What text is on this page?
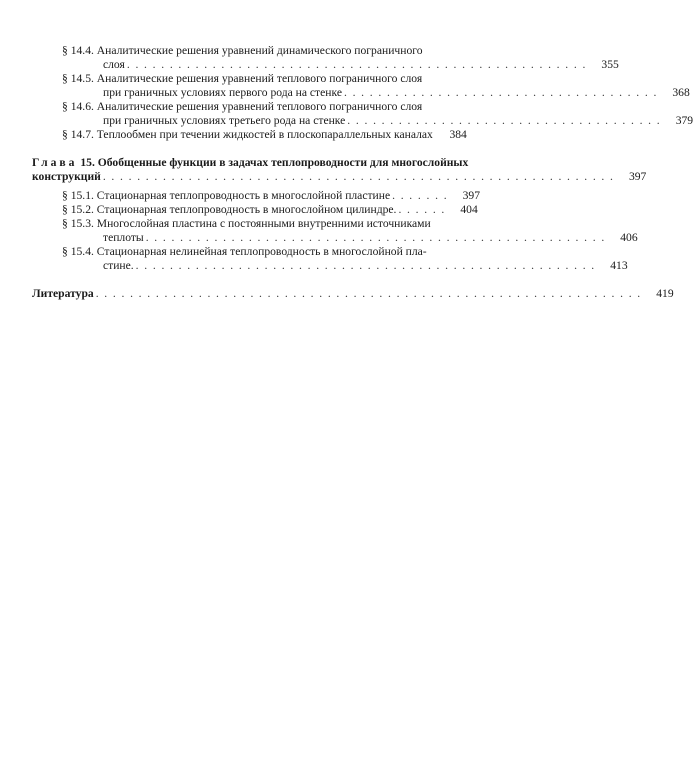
§ 14.4. Аналитические решения уравнений динамического пограничного
слоя . . . . . . . . . . . . . . . . . . . . . . . . . . . . . . . . . . . . . . . . . . . . . . . . . . . . . .	355
§ 14.5. Аналитические решения уравнений теплового пограничного слоя
при граничных условиях первого рода на стенке . . . . . . . . . . . . . . . . . . . . . . . . . . . . . . . . . . . . .	368
§ 14.6. Аналитические решения уравнений теплового пограничного слоя
при граничных условиях третьего рода на стенке . . . . . . . . . . . . . . . . . . . . . . . . . . . . . . . . . . . . .	379
§ 14.7. Теплообмен при течении жидкостей в плоскопараллельных каналах	384
Глава 15. Обобщенные функции в задачах теплопроводности для многослойных
конструкций . . . . . . . . . . . . . . . . . . . . . . . . . . . . . . . . . . . . . . . . . . . . . . . . . . . . . . . . . . . .	397
§ 15.1. Стационарная теплопроводность в многослойной пластине . . . . . . .	397
§ 15.2. Стационарная теплопроводность в многослойном цилиндре. . . . . . .	404
§ 15.3. Многослойная пластина с постоянными внутренними источниками
теплоты . . . . . . . . . . . . . . . . . . . . . . . . . . . . . . . . . . . . . . . . . . . . . . . . . . . . . .	406
§ 15.4. Стационарная нелинейная теплопроводность в многослойной пла-
стине. . . . . . . . . . . . . . . . . . . . . . . . . . . . . . . . . . . . . . . . . . . . . . . . . . . . . . .	413
Литература . . . . . . . . . . . . . . . . . . . . . . . . . . . . . . . . . . . . . . . . . . . . . . . . . . . . . . . . . . . . . . . .	419
